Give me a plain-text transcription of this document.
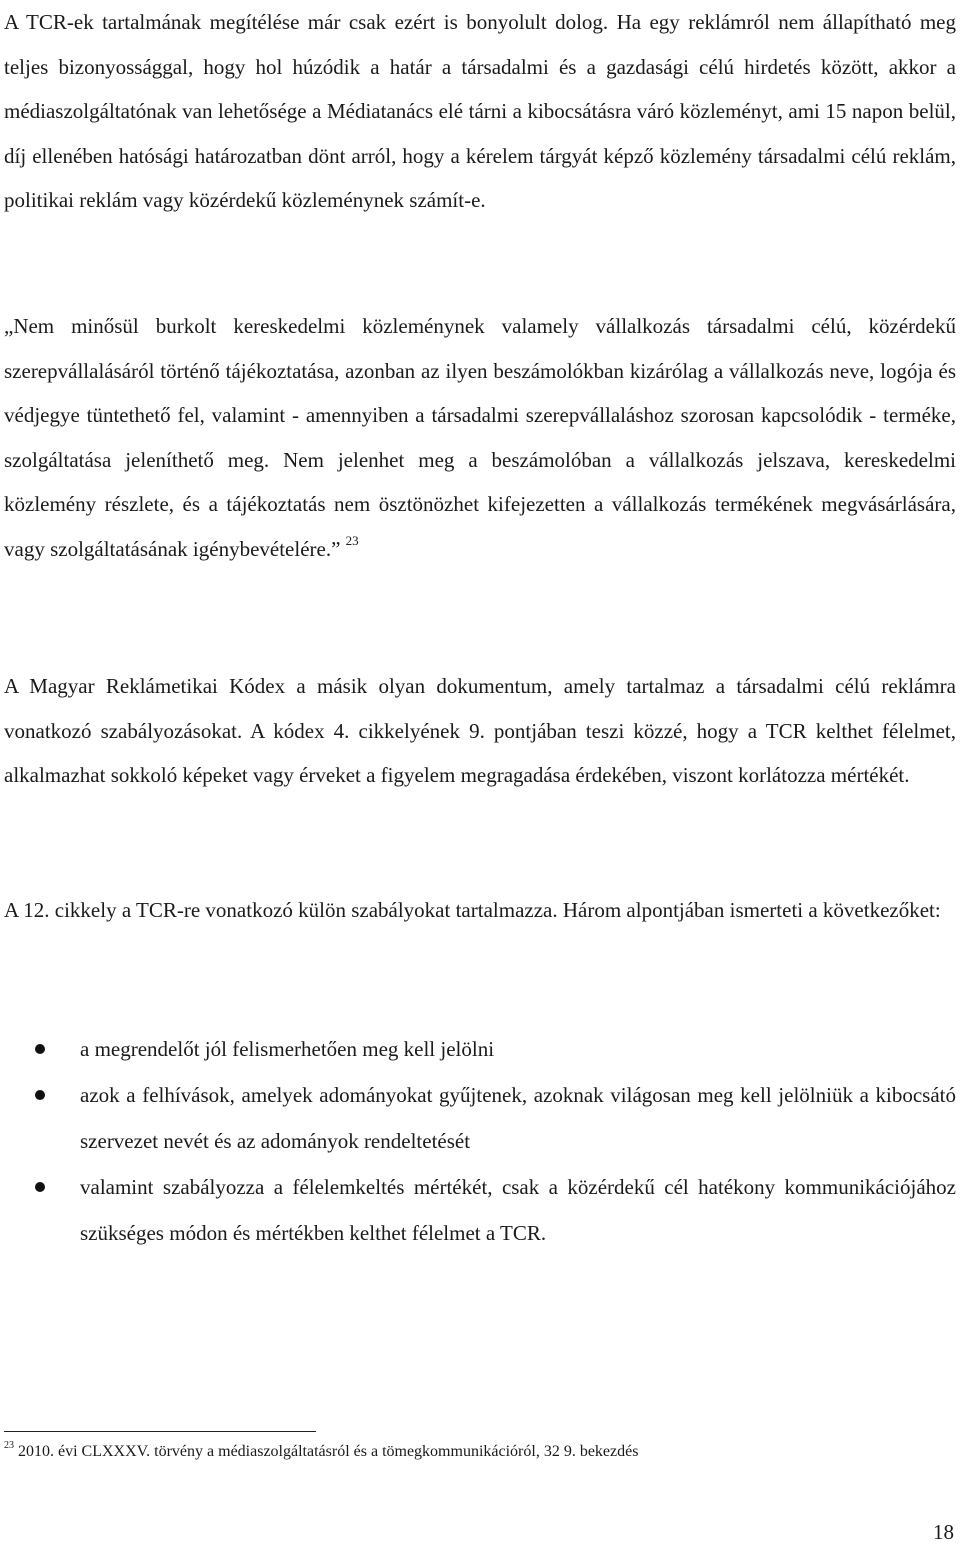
A TCR-ek tartalmának megítélése már csak ezért is bonyolult dolog. Ha egy reklámról nem állapítható meg teljes bizonyossággal, hogy hol húzódik a határ a társadalmi és a gazdasági célú hirdetés között, akkor a médiaszolgáltatónak van lehetősége a Médiatanács elé tárni a kibocsátásra váró közleményt, ami 15 napon belül, díj ellenében hatósági határozatban dönt arról, hogy a kérelem tárgyát képző közlemény társadalmi célú reklám, politikai reklám vagy közérdekű közleménynek számít-e.

„Nem minősül burkolt kereskedelmi közleménynek valamely vállalkozás társadalmi célú, közérdekű szerepvállalásáról történő tájékoztatása, azonban az ilyen beszámolókban kizárólag a vállalkozás neve, logója és védjegye tüntethető fel, valamint - amennyiben a társadalmi szerepvállaláshoz szorosan kapcsolódik - terméke, szolgáltatása jeleníthető meg. Nem jelenhet meg a beszámolóban a vállalkozás jelszava, kereskedelmi közlemény részlete, és a tájékoztatás nem ösztönözhet kifejezetten a vállalkozás termékének megvásárlására, vagy szolgáltatásának igénybevételére.” $^{23}$

A Magyar Reklámetikai Kódex a másik olyan dokumentum, amely tartalmaz a társadalmi célú reklámra vonatkozó szabályozásokat. A kódex 4. cikkelyének 9. pontjában teszi közzé, hogy a TCR kelthet félelmet, alkalmazhat sokkoló képeket vagy érveket a figyelem megragadása érdekében, viszont korlátozza mértékét.

A 12. cikkely a TCR-re vonatkozó külön szabályokat tartalmazza. Három alpontjában ismerteti a következőket:

a megrendelőt jól felismerhetően meg kell jelölni
azok a felhívások, amelyek adományokat gyűjtenek, azoknak világosan meg kell jelölniük a kibocsátó szervezet nevét és az adományok rendeltetését
valamint szabályozza a félelemkeltés mértékét, csak a közérdekű cél hatékony kommunikációjához szükséges módon és mértékben kelthet félelmet a TCR.
$^{23}$ 2010. évi CLXXXV. törvény a médiaszolgáltatásról és a tömegkommunikációról, 32 9. bekezdés
18
